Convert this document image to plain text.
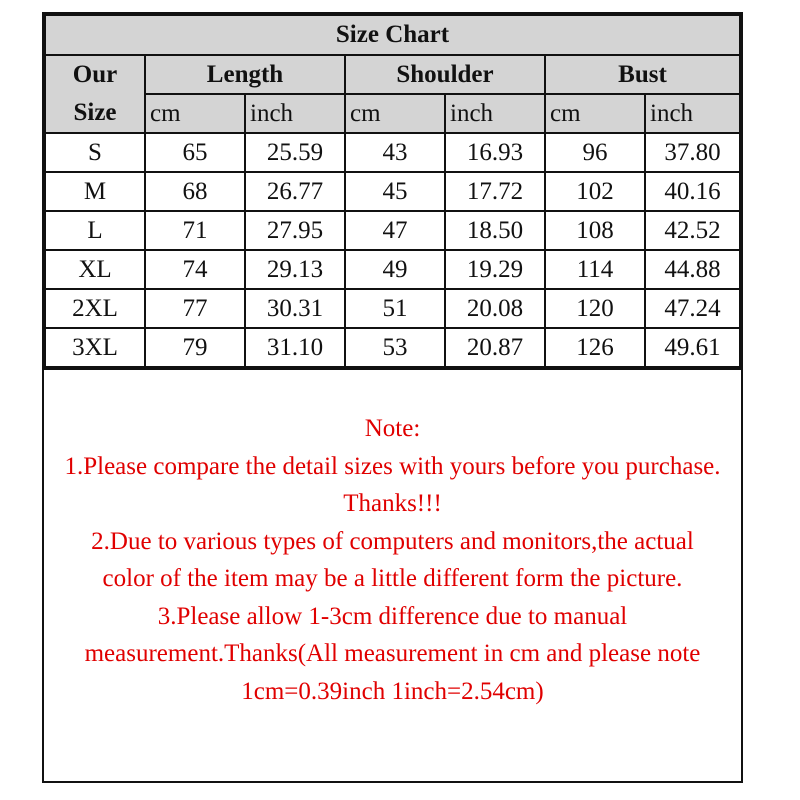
Size Chart						
Our
Size	Length		Shoulder		Bust	
	cm	inch	cm	inch	cm	inch
S	65	25.59	43	16.93	96	37.80
M	68	26.77	45	17.72	102	40.16
L	71	27.95	47	18.50	108	42.52
XL	74	29.13	49	19.29	114	44.88
2XL	77	30.31	51	20.08	120	47.24
3XL	79	31.10	53	20.87	126	49.61
Note:
1.Please compare the detail sizes with yours before you purchase. Thanks!!!
2.Due to various types of computers and monitors,the actual color of the item may be a little different form the picture.
3.Please allow 1-3cm difference due to manual measurement.Thanks(All measurement in cm and please note 1cm=0.39inch 1inch=2.54cm)
